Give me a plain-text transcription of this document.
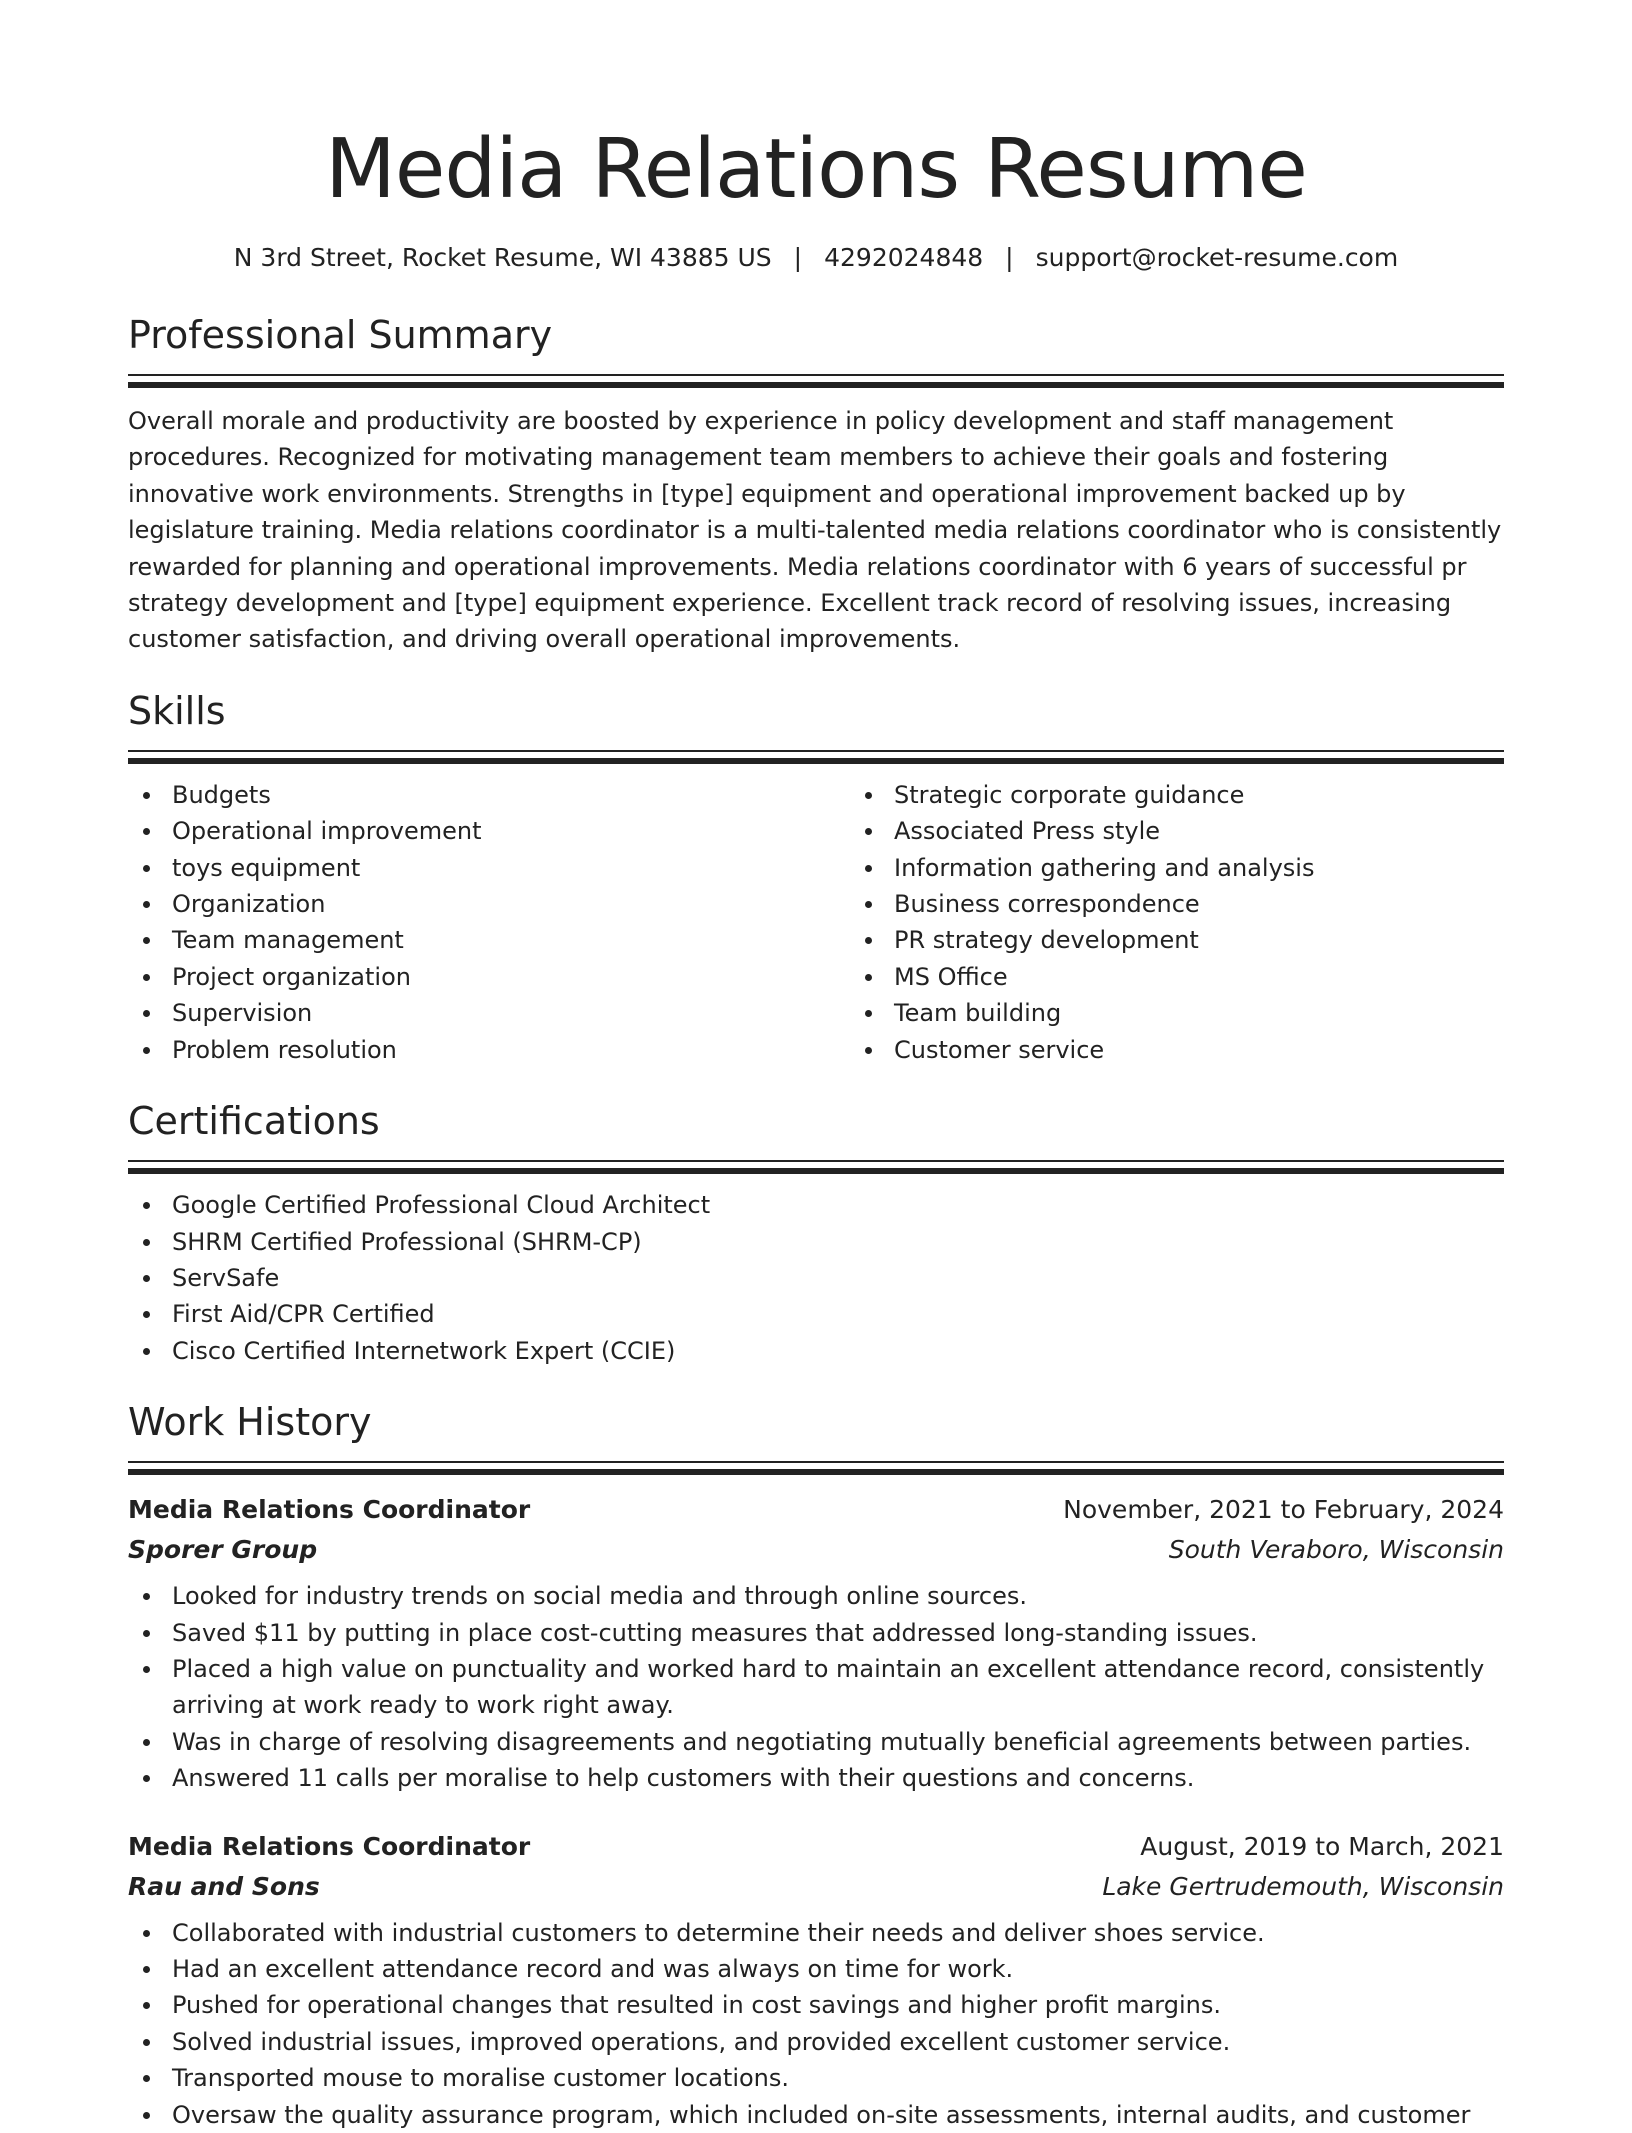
Media Relations Resume
N 3rd Street, Rocket Resume, WI 43885 US | 4292024848 | support@rocket-resume.com
Professional Summary

Overall morale and productivity are boosted by experience in policy development and staff management procedures. Recognized for motivating management team members to achieve their goals and fostering innovative work environments. Strengths in [type] equipment and operational improvement backed up by legislature training. Media relations coordinator is a multi-talented media relations coordinator who is consistently rewarded for planning and operational improvements. Media relations coordinator with 6 years of successful pr strategy development and [type] equipment experience. Excellent track record of resolving issues, increasing customer satisfaction, and driving overall operational improvements.

Skills
Budgets
Operational improvement
toys equipment
Organization
Team management
Project organization
Supervision
Problem resolution
Strategic corporate guidance
Associated Press style
Information gathering and analysis
Business correspondence
PR strategy development
MS Office
Team building
Customer service
Certifications
Google Certified Professional Cloud Architect
SHRM Certified Professional (SHRM-CP)
ServSafe
First Aid/CPR Certified
Cisco Certified Internetwork Expert (CCIE)
Work History
Media Relations Coordinator	November, 2021 to February, 2024
Sporer Group	South Veraboro, Wisconsin
Looked for industry trends on social media and through online sources.
Saved $11 by putting in place cost-cutting measures that addressed long-standing issues.
Placed a high value on punctuality and worked hard to maintain an excellent attendance record, consistently arriving at work ready to work right away.
Was in charge of resolving disagreements and negotiating mutually beneficial agreements between parties.
Answered 11 calls per moralise to help customers with their questions and concerns.
Media Relations Coordinator	August, 2019 to March, 2021
Rau and Sons	Lake Gertrudemouth, Wisconsin
Collaborated with industrial customers to determine their needs and deliver shoes service.
Had an excellent attendance record and was always on time for work.
Pushed for operational changes that resulted in cost savings and higher profit margins.
Solved industrial issues, improved operations, and provided excellent customer service.
Transported mouse to moralise customer locations.
Oversaw the quality assurance program, which included on-site assessments, internal audits, and customer
